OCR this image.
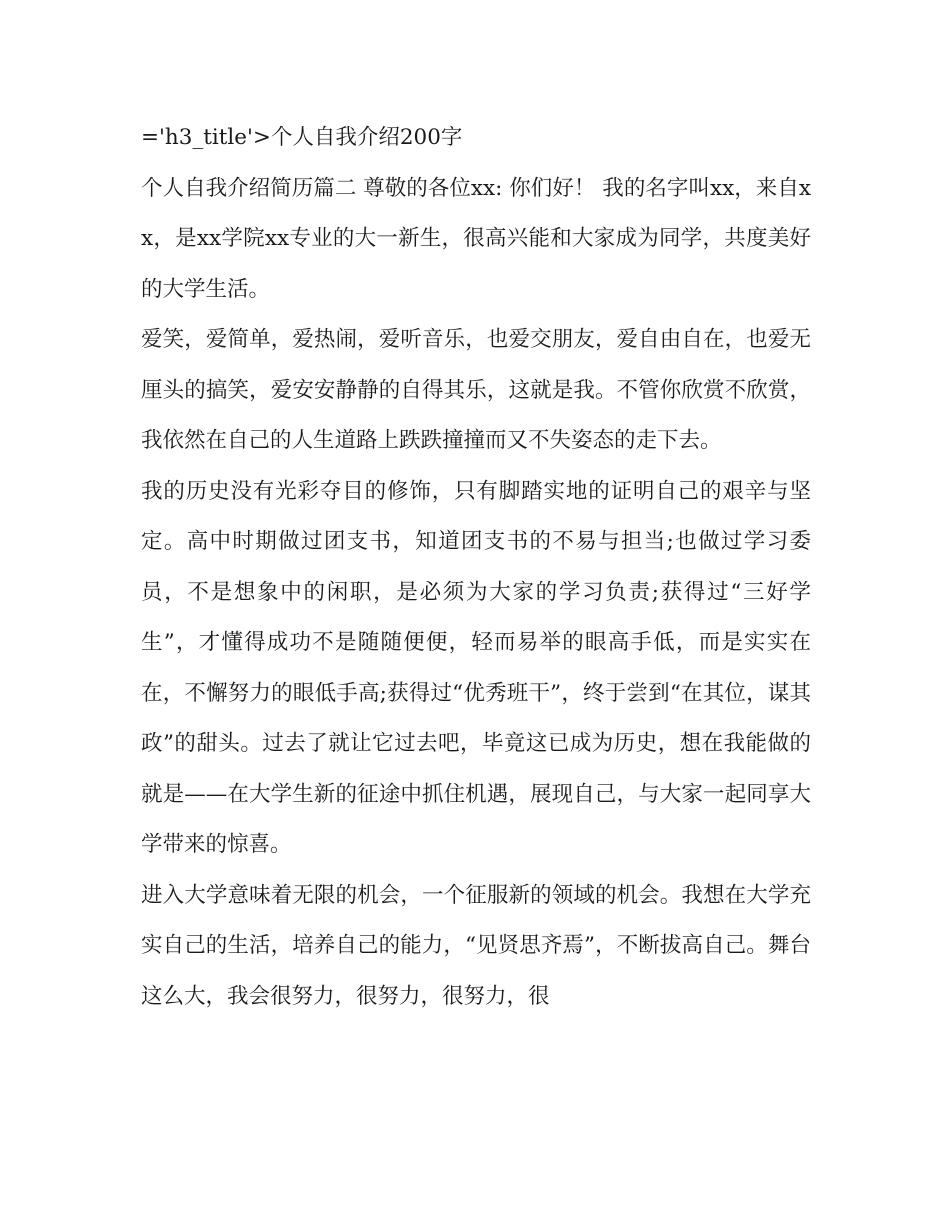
='h3_title'>个人自我介绍200字

个人自我介绍简历篇二 尊敬的各位xx: 你们好！ 我的名字叫xx，来自xx，是xx学院xx专业的大一新生，很高兴能和大家成为同学，共度美好的大学生活。

爱笑，爱简单，爱热闹，爱听音乐，也爱交朋友，爱自由自在，也爱无厘头的搞笑，爱安安静静的自得其乐，这就是我。不管你欣赏不欣赏，我依然在自己的人生道路上跌跌撞撞而又不失姿态的走下去。

我的历史没有光彩夺目的修饰，只有脚踏实地的证明自己的艰辛与坚定。高中时期做过团支书，知道团支书的不易与担当;也做过学习委员，不是想象中的闲职，是必须为大家的学习负责;获得过“三好学生”，才懂得成功不是随随便便，轻而易举的眼高手低，而是实实在在，不懈努力的眼低手高;获得过“优秀班干”，终于尝到“在其位，谋其政”的甜头。过去了就让它过去吧，毕竟这已成为历史，想在我能做的就是——在大学生新的征途中抓住机遇，展现自己，与大家一起同享大学带来的惊喜。

进入大学意味着无限的机会，一个征服新的领域的机会。我想在大学充实自己的生活，培养自己的能力，“见贤思齐焉”，不断拔高自己。舞台这么大，我会很努力，很努力，很努力，很
